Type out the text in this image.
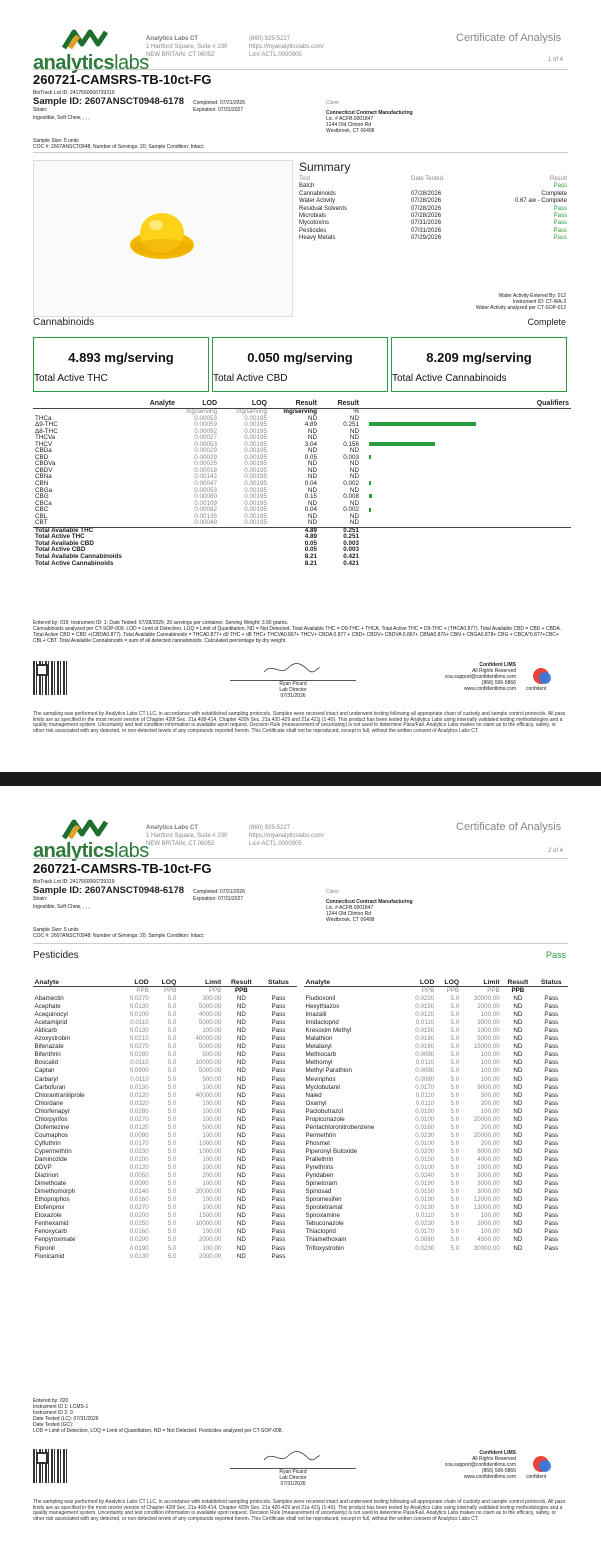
analyticslabs
Analytics Labs CT
1 Hartford Square, Suite # 230
NEW BRITAIN, CT 06052
(860) 925-5227
https://myanalyticslabs.com/
Lic# ACTL.0000005
Certificate of Analysis
1 of 4
260721-CAMSRS-TB-10ct-FG
BioTrack Lot ID: 2417660066739319
Sample ID: 2607ANSCT0948-6178 Completed: 07/31/2026
Expiration: 07/31/2027
Strain:
Ingestible, Soft Chew, , , ,
Client
Connecticut Contract Manufacturing
Lic. # ACFB.0001847
1244 Old Clinton Rd
Westbrook, CT 06498
Sample Size: 5 units
COC #: 2607ANSCT0948; Number of Servings: 20; Sample Condition: Intact;
Summary
Test	Date Tested	Result
Batch		Pass
Cannabinoids	07/28/2026	Complete
Water Activity	07/28/2026	0.67 aw - Complete
Residual Solvents	07/28/2026	Pass
Microbials	07/28/2026	Pass
Mycotoxins	07/31/2026	Pass
Pesticides	07/31/2026	Pass
Heavy Metals	07/29/2026	Pass
Water Activity Entered By: 012
Instrument ID: CT-WA-3
Water Activity analyzed per CT-SOP-012
Cannabinoids	Complete
4.893 mg/serving
Total Active THC
0.050 mg/serving
Total Active CBD
8.209 mg/serving
Total Active Cannabinoids
Analyte	LOD	LOQ	Result	Result	Qualifiers
	mg/serving	mg/serving	mg/serving	%	
THCa	0.00053	0.00195	ND	ND	
Δ9-THC	0.00059	0.00195	4.89	0.251	
Δ8-THC	0.00092	0.00195	ND	ND	
THCVa	0.00027	0.00195	ND	ND	
THCV	0.00053	0.00195	3.04	0.156	
CBDa	0.00029	0.00195	ND	ND	
CBD	0.00029	0.00195	0.05	0.003	
CBDVa	0.00025	0.00195	ND	ND	
CBDV	0.00018	0.00195	ND	ND	
CBNa	0.00142	0.00195	ND	ND	
CBN	0.00047	0.00195	0.04	0.002	
CBGa	0.00053	0.00195	ND	ND	
CBG	0.00080	0.00195	0.15	0.008	
CBCa	0.00109	0.00195	ND	ND	
CBC	0.00082	0.00195	0.04	0.002	
CBL	0.00135	0.00195	ND	ND	
CBT	0.00049	0.00195	ND	ND	
Total Available THC			4.89	0.251	
Total Active THC			4.89	0.251	
Total Available CBD			0.05	0.003	
Total Active CBD			0.05	0.003	
Total Available Cannabinoids			8.21	0.421	
Total Active Cannabinoids			8.21	0.421	
Entered by: 019; Instrument ID: 1; Date Tested: 07/28/2026; 20 servings per container. Serving Weight: 3.90 grams.
Cannabinoids analyzed per CT-SOP-009. LOD = Limit of Detection, LOQ = Limit of Quantitation, ND = Not Detected. Total Available THC = D9-THC + THCA. Total Active THC = D9-THC + (THCA0.877). Total Available CBD = CBD + CBDA. Total Active CBD = CBD +(CBDA0.877). Total Available Cannabinoids = THCA0.877+ d9 THC + d8 THC+ THCVA0.867+ THCV+ CBDA 0.877 + CBD+ CBDV+ CBDVA 0.867+ CBNA0.876+ CBN + CBGA0.878+ CBG + CBCA*0.877+CBC+ CBL+ CBT. Total Available Cannabinoids = sum of all detected cannabinoids. Calculated percentage by dry weight.
Ryan Picard
Lab Director
07/31/2026
Confident LIMS
All Rights Reserved
coa.support@confidentlims.com
(866) 506-5866
www.confidentlims.com confident
The sampling was performed by Analytics Labs CT LLC, in accordance with established sampling protocols. Samples were received intact and underwent testing following all appropriate chain of custody and sample control protocols. All pass limits are as specified in the most recent version of Chapter 420f Sec. 21a 408-414, Chapter 420h Sec. 21a 420-429 and 21a 421j (1-40). This product has been tested by Analytics Labs using internally validated testing methodologies and a quality management system. Uncertainty and test condition information is available upon request. Decision Rule (measurement of uncertainty) is not used to determine Pass/Fail. Analytics Labs makes no claim as to the efficacy, safety, or other risk associated with any detected, or non-detected levels of any compounds reported herein. This Certificate shall not be reproduced, except in full, without the written consent of Analytics Labs CT.
analyticslabs
Analytics Labs CT
1 Hartford Square, Suite # 230
NEW BRITAIN, CT 06052
(860) 925-5227
https://myanalyticslabs.com/
Lic# ACTL.0000005
Certificate of Analysis
2 of 4
260721-CAMSRS-TB-10ct-FG
BioTrack Lot ID: 2417660066739319
Sample ID: 2607ANSCT0948-6178 Completed: 07/31/2026
Expiration: 07/31/2027
Strain:
Ingestible, Soft Chew, , , ,
Client
Connecticut Contract Manufacturing
Lic. # ACFB.0001847
1244 Old Clinton Rd
Westbrook, CT 06498
Sample Size: 5 units
COC #: 2607ANSCT0948; Number of Servings: 20; Sample Condition: Intact;
Pesticides	Pass
Analyte	LOD	LOQ	Limit	Result	Status
	PPB	PPB	PPB	PPB	
Abamectin	0.0270	5.0	300.00	ND	Pass
Acephate	0.0130	5.0	5000.00	ND	Pass
Acequinocyl	0.0100	5.0	4000.00	ND	Pass
Acetamiprid	0.0110	5.0	5000.00	ND	Pass
Aldicarb	0.0130	5.0	100.00	ND	Pass
Azoxystrobin	0.0210	5.0	40000.00	ND	Pass
Bifenazate	0.0270	5.0	5000.00	ND	Pass
Bifenthrin	0.0280	5.0	500.00	ND	Pass
Boscalid	0.0110	5.0	10000.00	ND	Pass
Captan	0.0900	5.0	5000.00	ND	Pass
Carbaryl	0.0110	5.0	500.00	ND	Pass
Carbofuran	0.0130	5.0	100.00	ND	Pass
Chlorantraniliprole	0.0120	5.0	40000.00	ND	Pass
Chlordane	0.0320	5.0	100.00	ND	Pass
Chlorfenapyr	0.0280	5.0	100.00	ND	Pass
Chlorpyrifos	0.0270	5.0	100.00	ND	Pass
Clofentezine	0.0120	5.0	500.00	ND	Pass
Coumaphos	0.0090	5.0	100.00	ND	Pass
Cyfluthrin	0.0170	5.0	1000.00	ND	Pass
Cypermethrin	0.0230	5.0	1000.00	ND	Pass
Daminozide	0.0100	5.0	100.00	ND	Pass
DDVP	0.0120	5.0	100.00	ND	Pass
Diazinon	0.0050	5.0	200.00	ND	Pass
Dimethoate	0.0090	5.0	100.00	ND	Pass
Dimethomorph	0.0140	5.0	20000.00	ND	Pass
Ethoprophos	0.0160	5.0	100.00	ND	Pass
Etofenprox	0.0270	5.0	100.00	ND	Pass
Etoxazole	0.0200	5.0	1500.00	ND	Pass
Fenhexamid	0.0250	5.0	10000.00	ND	Pass
Fenoxycarb	0.0160	5.0	100.00	ND	Pass
Fenpyroximate	0.0290	5.0	2000.00	ND	Pass
Fipronil	0.0190	5.0	100.00	ND	Pass
Flonicamid	0.0130	5.0	2000.00	ND	Pass
Analyte	LOD	LOQ	Limit	Result	Status
	PPB	PPB	PPB	PPB	
Fludioxonil	0.0220	5.0	30000.00	ND	Pass
Hexythiazox	0.0150	5.0	2000.00	ND	Pass
Imazalil	0.0120	5.0	100.00	ND	Pass
Imidacloprid	0.0110	5.0	3000.00	ND	Pass
Kresoxim Methyl	0.0150	5.0	1000.00	ND	Pass
Malathion	0.0180	5.0	5000.00	ND	Pass
Metalaxyl	0.0160	5.0	15000.00	ND	Pass
Methiocarb	0.0080	5.0	100.00	ND	Pass
Methomyl	0.0110	5.0	100.00	ND	Pass
Methyl Parathion	0.0080	5.0	100.00	ND	Pass
Mevinphos	0.0080	5.0	100.00	ND	Pass
Myclobutanil	0.0170	5.0	9000.00	ND	Pass
Naled	0.0110	5.0	500.00	ND	Pass
Oxamyl	0.0110	5.0	200.00	ND	Pass
Paclobutrazol	0.0190	5.0	100.00	ND	Pass
Propiconazole	0.0100	5.0	20000.00	ND	Pass
Pentachloronitrobenzene	0.0160	5.0	200.00	ND	Pass
Permethrin	0.0230	5.0	20000.00	ND	Pass
Phosmet	0.0100	5.0	200.00	ND	Pass
Piperonyl Butoxide	0.0200	5.0	8000.00	ND	Pass
Prallethrin	0.0150	5.0	4000.00	ND	Pass
Pyrethrins	0.0100	5.0	1000.00	ND	Pass
Pyridaben	0.0240	5.0	3000.00	ND	Pass
Spinetoram	0.0190	5.0	3000.00	ND	Pass
Spinosad	0.0150	5.0	3000.00	ND	Pass
Spiromesifen	0.0190	5.0	12000.00	ND	Pass
Spirotetramat	0.0130	5.0	13000.00	ND	Pass
Spiroxamine	0.0110	5.0	100.00	ND	Pass
Tebuconazole	0.0230	5.0	2000.00	ND	Pass
Thiacloprid	0.0170	5.0	100.00	ND	Pass
Thiamethoxam	0.0080	5.0	4500.00	ND	Pass
Trifloxystrobin	0.0230	5.0	30000.00	ND	Pass
Entered by: 020
Instrument ID 1: LCMS-1
Instrument ID 2: 0
Date Tested (LC): 07/31/2026
Date Tested (GC):
LOD = Limit of Detection, LOQ = Limit of Quantitation, ND = Not Detected. Pesticides analyzed per CT-SOP-008.
Ryan Picard
Lab Director
07/31/2026
Confident LIMS
All Rights Reserved
coa.support@confidentlims.com
(866) 506-5866
www.confidentlims.com confident
The sampling was performed by Analytics Labs CT LLC, in accordance with established sampling protocols. Samples were received intact and underwent testing following all appropriate chain of custody and sample control protocols. All pass limits are as specified in the most recent version of Chapter 420f Sec. 21a 408-414, Chapter 420h Sec. 21a 420-429 and 21a 421j (1-40). This product has been tested by Analytics Labs using internally validated testing methodologies and a quality management system. Uncertainty and test condition information is available upon request. Decision Rule (measurement of uncertainty) is not used to determine Pass/Fail. Analytics Labs makes no claim as to the efficacy, safety, or other risk associated with any detected, or non-detected levels of any compounds reported herein. This Certificate shall not be reproduced, except in full, without the written consent of Analytics Labs CT.
